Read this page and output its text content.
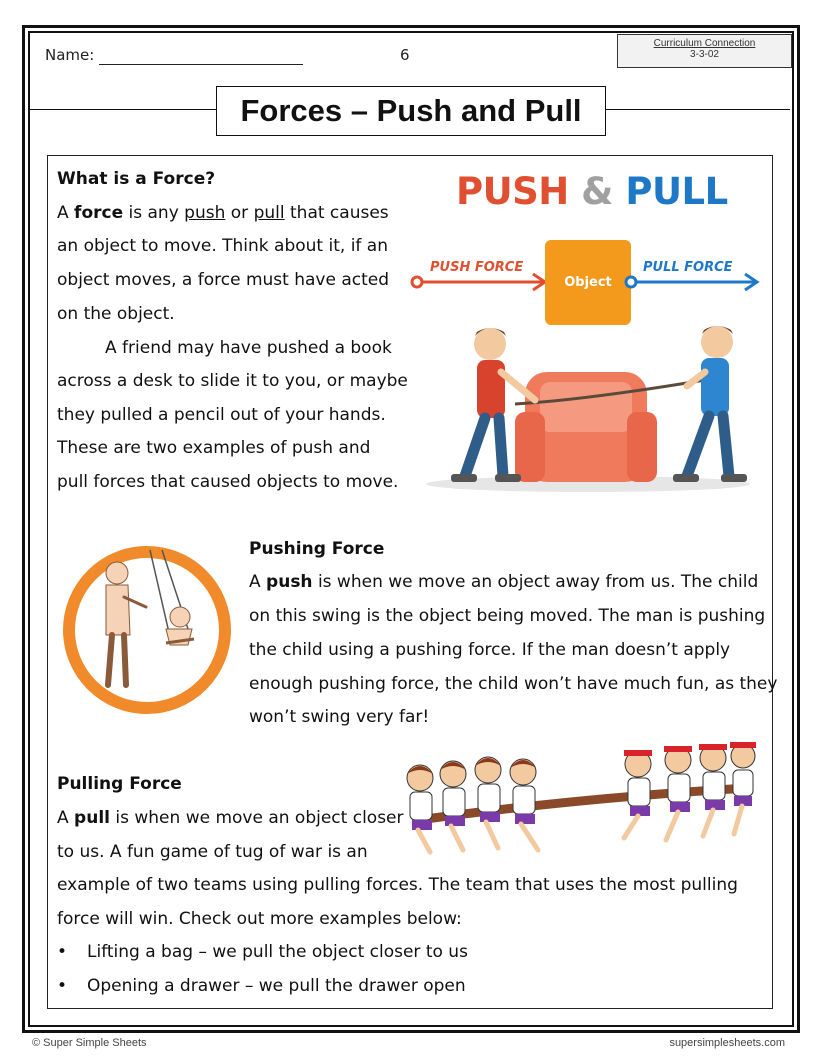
Name:	6
Curriculum Connection
3-3-02
Forces – Push and Pull
What is a Force?
A force is any push or pull that causes
an object to move. Think about it, if an
object moves, a force must have acted
on the object.
A friend may have pushed a book
across a desk to slide it to you, or maybe
they pulled a pencil out of your hands.
These are two examples of push and
pull forces that caused objects to move.
PUSH & PULL
PUSH FORCE
Object
PULL FORCE
Pushing Force
A push is when we move an object away from us. The child
on this swing is the object being moved. The man is pushing
the child using a pushing force. If the man doesn’t apply
enough pushing force, the child won’t have much fun, as they
won’t swing very far!
Pulling Force
A pull is when we move an object closer
to us. A fun game of tug of war is an
example of two teams using pulling forces. The team that uses the most pulling
force will win. Check out more examples below:
• Lifting a bag – we pull the object closer to us
• Opening a drawer – we pull the drawer open
© Super Simple Sheets	supersimplesheets.com
